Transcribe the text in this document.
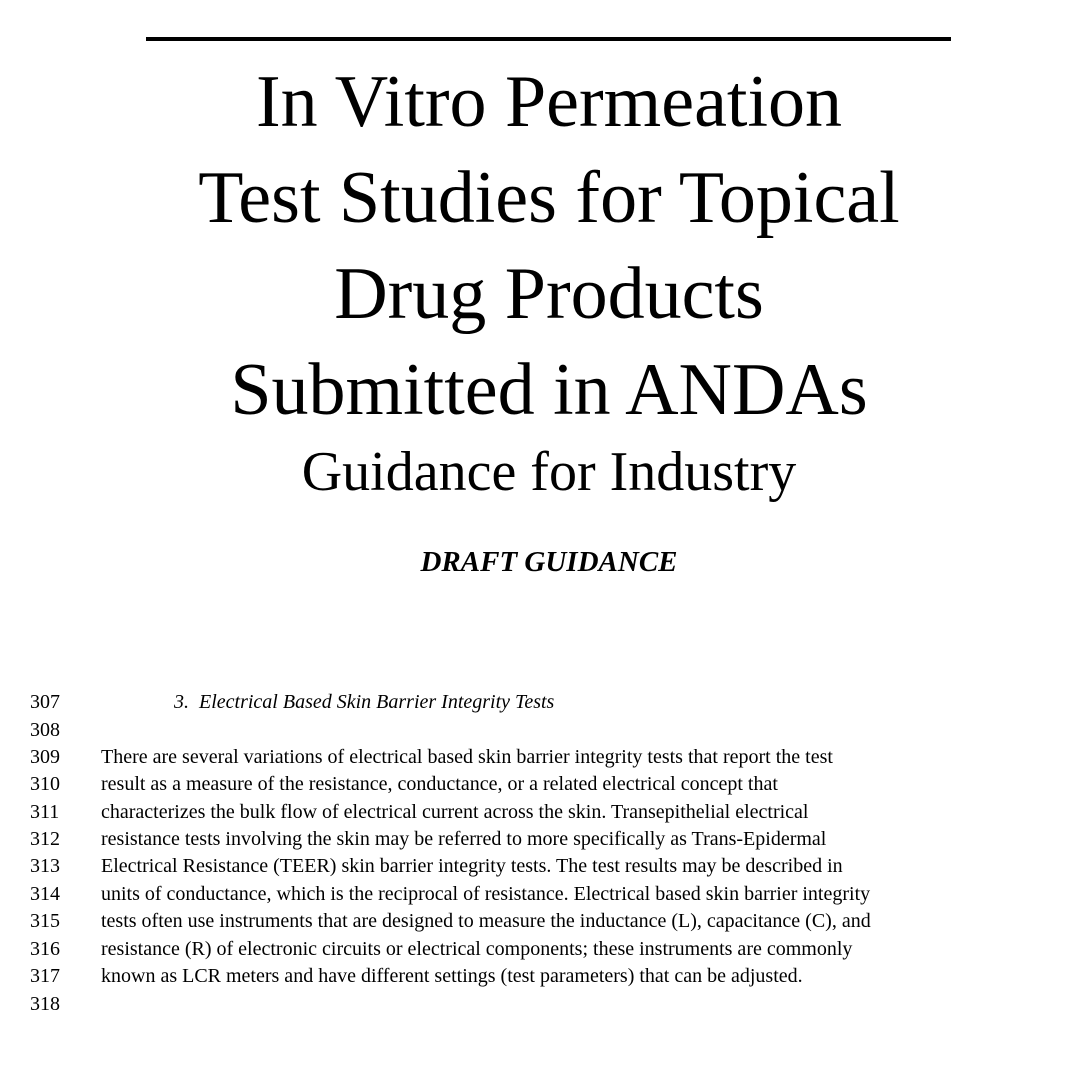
In Vitro Permeation
Test Studies for Topical
Drug Products
Submitted in ANDAs
Guidance for Industry
DRAFT GUIDANCE
307	3.  Electrical Based Skin Barrier Integrity Tests
308
309 There are several variations of electrical based skin barrier integrity tests that report the test
310 result as a measure of the resistance, conductance, or a related electrical concept that
311 characterizes the bulk flow of electrical current across the skin. Transepithelial electrical
312 resistance tests involving the skin may be referred to more specifically as Trans-Epidermal
313 Electrical Resistance (TEER) skin barrier integrity tests. The test results may be described in
314 units of conductance, which is the reciprocal of resistance. Electrical based skin barrier integrity
315 tests often use instruments that are designed to measure the inductance (L), capacitance (C), and
316 resistance (R) of electronic circuits or electrical components; these instruments are commonly
317 known as LCR meters and have different settings (test parameters) that can be adjusted.
318
